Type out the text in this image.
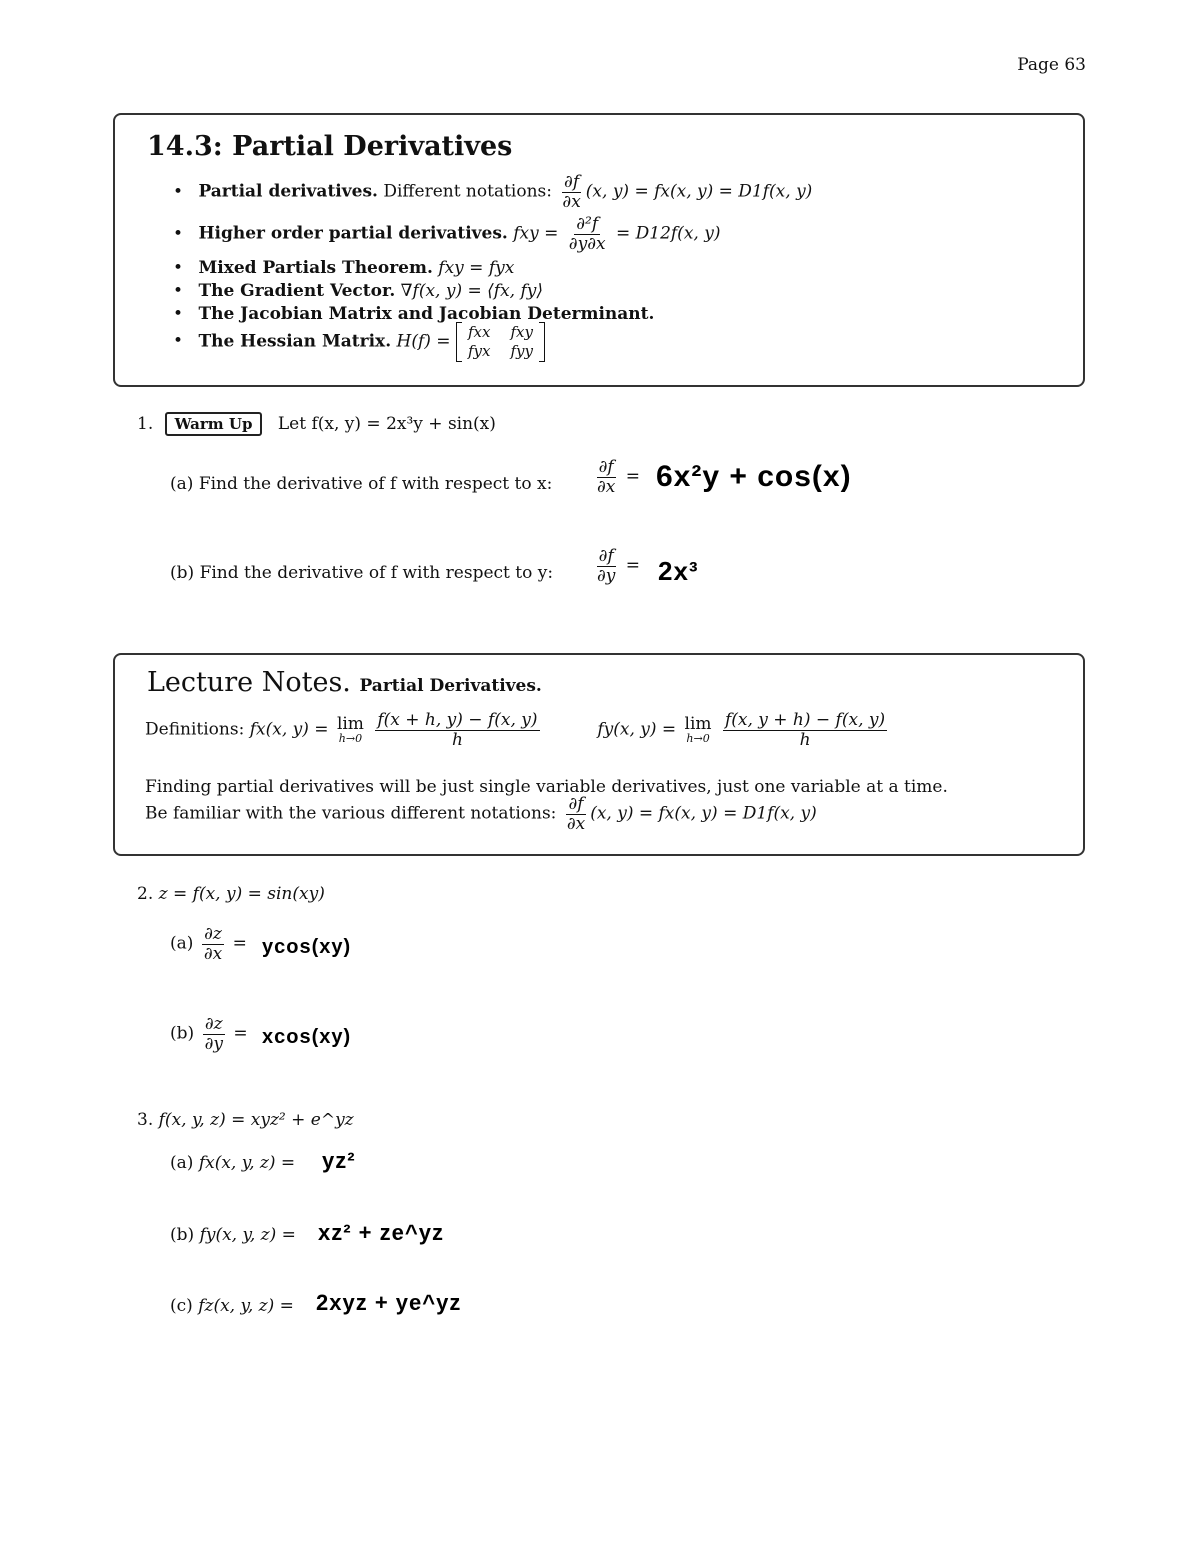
Page 63
14.3: Partial Derivatives
• Partial derivatives. Different notations: $\frac{\partial f}{\partial x} (x$, y) = fx(x, y) = D1f(x, y)
• Higher order partial derivatives. fxy = $\frac{\text{∂²f}}{\partial y\partial x} = D12f(x$, y)
• Mixed Partials Theorem. fxy = fyx
• The Gradient Vector. ∇f(x, y) = ⟨fx, fy⟩
• The Jacobian Matrix and Jacobian Determinant.
• The Hessian Matrix. H(f) = fxx fxy
fyx fyy
1. Warm Up Let f(x, y) = 2x³y + sin(x)
(a) Find the derivative of f with respect to x:	$\frac{\partial f}{\partial x} = 6x^2y + \cos(x)$
(b) Find the derivative of f with respect to y: $\frac{\partial f}{\partial y} = 2x^3$
Lecture Notes. Partial Derivatives.
Definitions: fx(x, y) = lim
h→0
$\frac{f(x + h, y) - f(x, y)}{h}$	fy(x, y) = lim
h→0
$\frac{f(x, y + h) - f(x, y)}{h}$
Finding partial derivatives will be just single variable derivatives, just one variable at a time.
Be familiar with the various different notations: $\frac{\partial f}{\partial x} (x$, y) = fx(x, y) = D1f(x, y)
2. z = f(x, y) = sin(xy)
$(a) \frac{\partial z}{\partial x} = ycos(xy)$
$(b) \frac{\partial z}{\partial y} = xcos(xy)$
3. f(x, y, z) = xyz² + e^yz
(a) fx(x, y, z) = yz²
(b) fy(x, y, z) = xz² + ze^yz
(c) fz(x, y, z) = 2xyz + ye^yz
